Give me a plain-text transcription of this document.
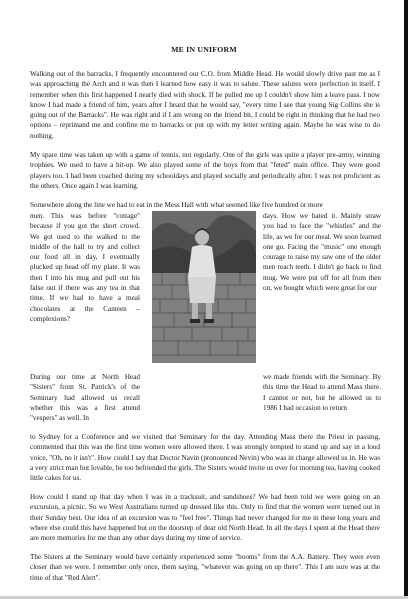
ME IN UNIFORM

Walking out of the barracks, I frequently encountered our C.O. from Middle Head. He would slowly drive past me as I was approaching the Arch and it was then I learned how easy it was to salute. These salutes were perfection in itself. I remember when this first happened I nearly died with shock. If he pulled me up I couldn't show him a leave pass. I now know I had made a friend of him, years after I heard that he would say, "every time I see that young Sig Collins she is going out of the Barracks". He was right and if I am wrong on the friend bit, I could be right in thinking that he had two options – reprimand me and confine me to barracks or put up with my letter writing again. Maybe he was wise to do nothing.

My spare time was taken up with a game of tennis, not regularly. One of the girls was quite a player pre-army, winning trophies. We used to have a hit-up. We also played some of the boys from that "feted" main office. They were good players too. I had been coached during my schooldays and played socially and periodically after. I was not proficient as the others. Once again I was learning.

Somewhere along the line we had to eat in the Mess Hall with what seemed like five hundred or more

men. This was before "cottage" because if you got the short crowd. We got used to the walked to the middle of the hall to try and collect our food all in day, I eventually plucked up head off my plate. It was then I into his mug and pull out his false out if there was any tea in that time. If we had to have a meal chocolates at the Canteen – complexions?

days. How we hated it. Mainly straw you had to face the "whistles" and the life, as we for our meal. We soon learned one go. Facing the "music" one enough courage to raise my saw one of the older men reach teeth. I didn't go back to find mug. We were put off for all from then on, we bought which were great for our

During our time at North Head "Sisters" from St. Patrick's of the Seminary had allowed us recall whether this was a first attend "vespers" as well. In

we made friends with the Seminary. By this time the Head to attend Mass there. I cannot or not, but he allowed us to 1986 I had occasion to return

to Sydney for a Conference and we visited that Seminary for the day. Attending Mass there the Priest in passing, commented that this was the first time women were allowed there. I was strongly tempted to stand up and say in a loud voice, "Oh, no it isn't". How could I say that Doctor Navin (pronounced Nevin) who was in charge allowed us in. He was a very strict man but lovable, he too befriended the girls. The Sisters would invite us over for morning tea, having cooked little cakes for us.

How could I stand up that day when I was in a tracksuit, and sandshoes? We had been told we were going on an excursion, a picnic. So we West Australians turned up dressed like this. Only to find that the women were turned out in their Sunday best. Our idea of an excursion was to "feel free". Things had never changed for me in these long years and where else could this have happened but on the doorstep of dear old North Head. In all the days I spent at the Head there are more memories for me than any other days during my time of service.

The Sisters at the Seminary would have certainly experienced some "booms" from the A.A. Battery. They were even closer than we were. I remember only once, them saying, "whatever was going on up there". This I am sure was at the time of that "Red Alert".
